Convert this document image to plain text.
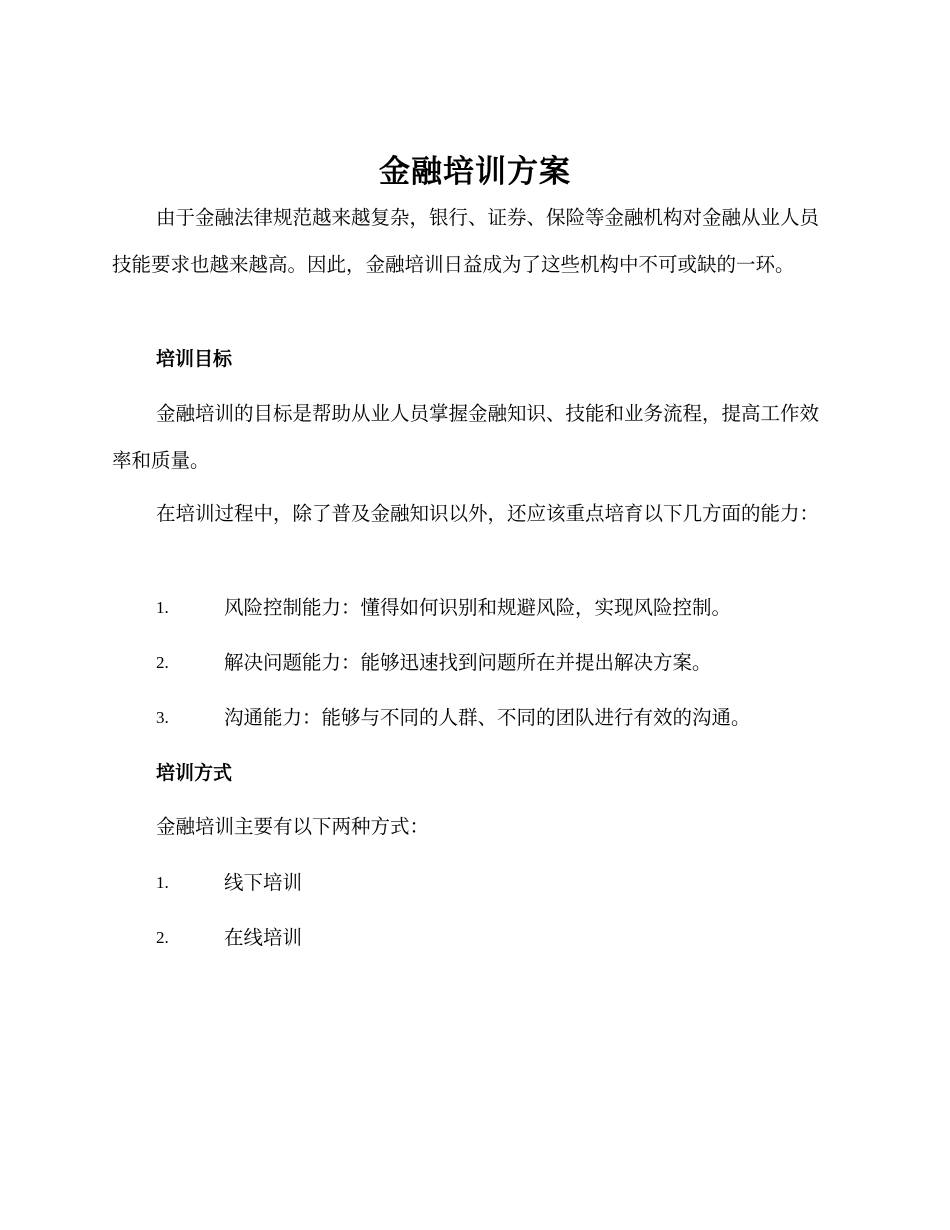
金融培训方案

由于金融法律规范越来越复杂，银行、证券、保险等金融机构对金融从业人员技能要求也越来越高。因此，金融培训日益成为了这些机构中不可或缺的一环。

培训目标

金融培训的目标是帮助从业人员掌握金融知识、技能和业务流程，提高工作效率和质量。

在培训过程中，除了普及金融知识以外，还应该重点培育以下几方面的能力：

1.	风险控制能力：懂得如何识别和规避风险，实现风险控制。
2.	解决问题能力：能够迅速找到问题所在并提出解决方案。
3.	沟通能力：能够与不同的人群、不同的团队进行有效的沟通。
培训方式

金融培训主要有以下两种方式：

1.	线下培训
2.	在线培训
